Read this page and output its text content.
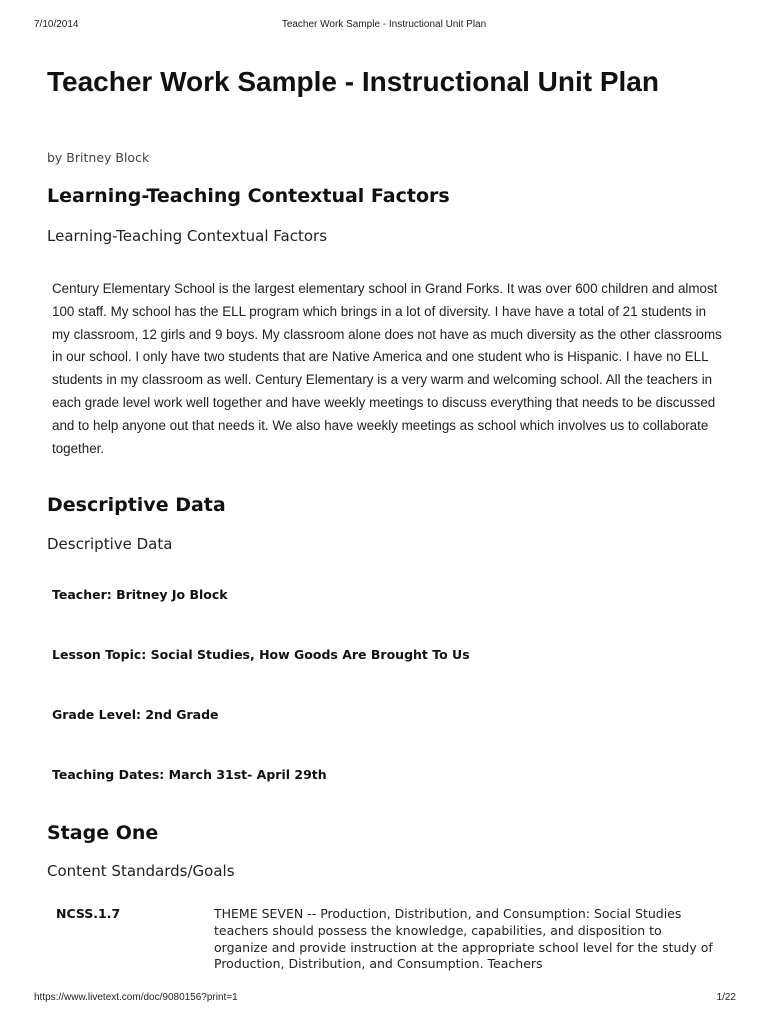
7/10/2014	Teacher Work Sample - Instructional Unit Plan
Teacher Work Sample - Instructional Unit Plan
by Britney Block
Learning-Teaching Contextual Factors
Learning-Teaching Contextual Factors

Century Elementary School is the largest elementary school in Grand Forks. It was over 600 children and almost 100 staff. My school has the ELL program which brings in a lot of diversity. I have have a total of 21 students in my classroom, 12 girls and 9 boys. My classroom alone does not have as much diversity as the other classrooms in our school. I only have two students that are Native America and one student who is Hispanic. I have no ELL students in my classroom as well. Century Elementary is a very warm and welcoming school. All the teachers in each grade level work well together and have weekly meetings to discuss everything that needs to be discussed and to help anyone out that needs it. We also have weekly meetings as school which involves us to collaborate together.

Descriptive Data
Descriptive Data
Teacher: Britney Jo Block
Lesson Topic: Social Studies, How Goods Are Brought To Us
Grade Level: 2nd Grade
Teaching Dates: March 31st- April 29th
Stage One
Content Standards/Goals
NCSS.1.7	THEME SEVEN -- Production, Distribution, and Consumption: Social Studies teachers should possess the knowledge, capabilities, and disposition to organize and provide instruction at the appropriate school level for the study of Production, Distribution, and Consumption. Teachers

https://www.livetext.com/doc/9080156?print=1	1/22
